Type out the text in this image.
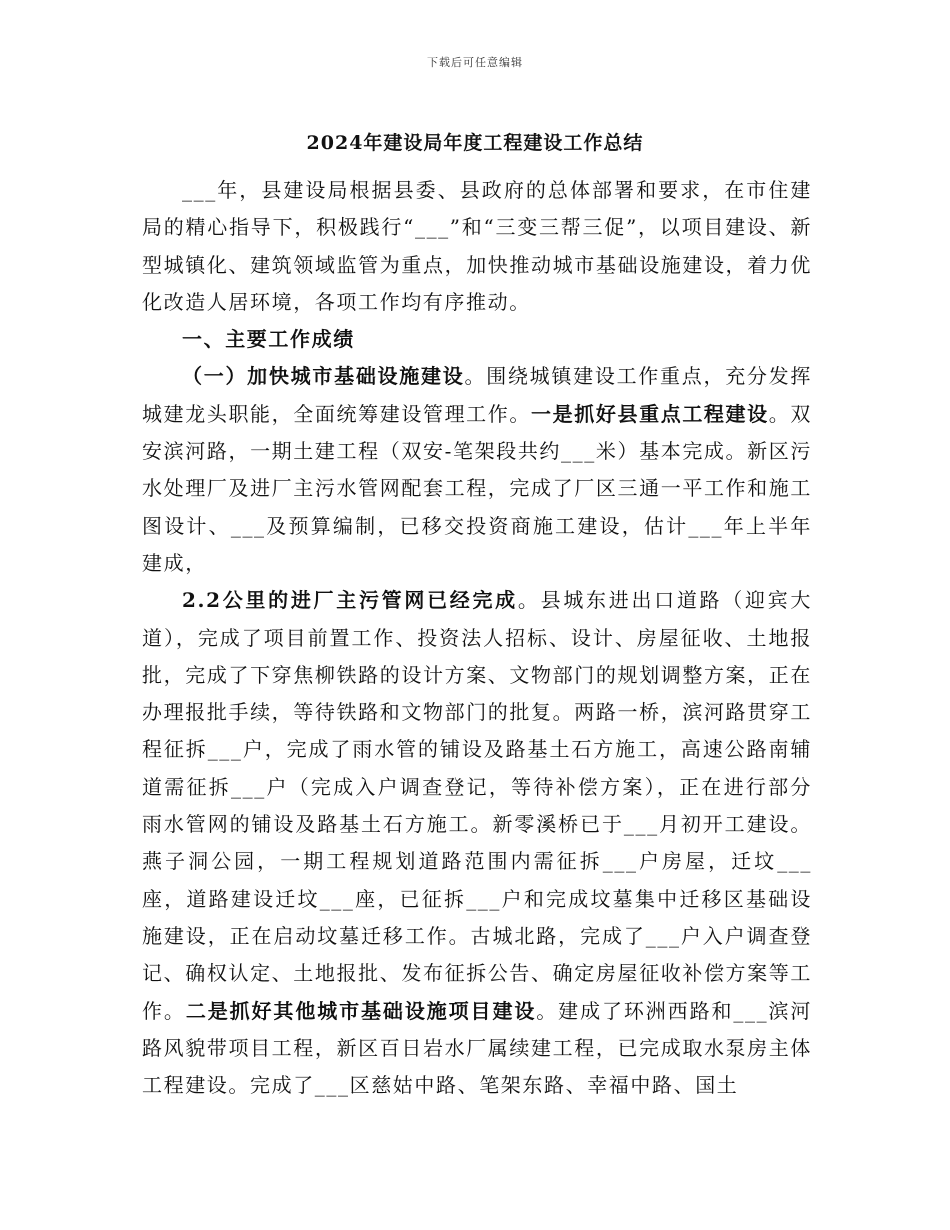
下载后可任意编辑
2024年建设局年度工程建设工作总结

___年，县建设局根据县委、县政府的总体部署和要求，在市住建局的精心指导下，积极践行“___”和“三变三帮三促”，以项目建设、新型城镇化、建筑领域监管为重点，加快推动城市基础设施建设，着力优化改造人居环境，各项工作均有序推动。

一、主要工作成绩

（一）加快城市基础设施建设。围绕城镇建设工作重点，充分发挥城建龙头职能，全面统筹建设管理工作。一是抓好县重点工程建设。双安滨河路，一期土建工程（双安-笔架段共约___米）基本完成。新区污水处理厂及进厂主污水管网配套工程，完成了厂区三通一平工作和施工图设计、___及预算编制，已移交投资商施工建设，估计___年上半年建成，

2.2公里的进厂主污管网已经完成。县城东进出口道路（迎宾大道），完成了项目前置工作、投资法人招标、设计、房屋征收、土地报批，完成了下穿焦柳铁路的设计方案、文物部门的规划调整方案，正在办理报批手续，等待铁路和文物部门的批复。两路一桥，滨河路贯穿工程征拆___户，完成了雨水管的铺设及路基土石方施工，高速公路南辅道需征拆___户（完成入户调查登记，等待补偿方案），正在进行部分雨水管网的铺设及路基土石方施工。新零溪桥已于___月初开工建设。燕子洞公园，一期工程规划道路范围内需征拆___户房屋，迁坟___座，道路建设迁坟___座，已征拆___户和完成坟墓集中迁移区基础设施建设，正在启动坟墓迁移工作。古城北路，完成了___户入户调查登记、确权认定、土地报批、发布征拆公告、确定房屋征收补偿方案等工作。二是抓好其他城市基础设施项目建设。建成了环洲西路和___滨河路风貌带项目工程，新区百日岩水厂属续建工程，已完成取水泵房主体工程建设。完成了___区慈姑中路、笔架东路、幸福中路、国土
